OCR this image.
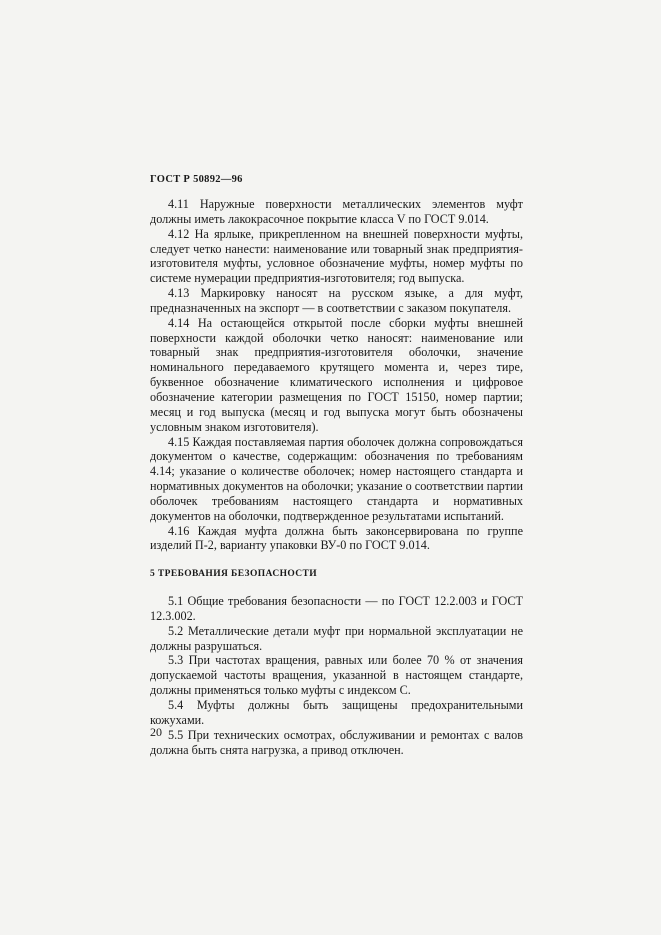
ГОСТ Р 50892—96

4.11 Наружные поверхности металлических элементов муфт должны иметь лакокрасочное покрытие класса V по ГОСТ 9.014.

4.12 На ярлыке, прикрепленном на внешней поверхности муфты, следует четко нанести: наименование или товарный знак предприятия-изготовителя муфты, условное обозначение муфты, номер муфты по системе нумерации предприятия-изготовителя; год выпуска.

4.13 Маркировку наносят на русском языке, а для муфт, предназначенных на экспорт — в соответствии с заказом покупателя.

4.14 На остающейся открытой после сборки муфты внешней поверхности каждой оболочки четко наносят: наименование или товарный знак предприятия-изготовителя оболочки, значение номинального передаваемого крутящего момента и, через тире, буквенное обозначение климатического исполнения и цифровое обозначение категории размещения по ГОСТ 15150, номер партии; месяц и год выпуска (месяц и год выпуска могут быть обозначены условным знаком изготовителя).

4.15 Каждая поставляемая партия оболочек должна сопровождаться документом о качестве, содержащим: обозначения по требованиям 4.14; указание о количестве оболочек; номер настоящего стандарта и нормативных документов на оболочки; указание о соответствии партии оболочек требованиям настоящего стандарта и нормативных документов на оболочки, подтвержденное результатами испытаний.

4.16 Каждая муфта должна быть законсервирована по группе изделий П-2, варианту упаковки ВУ-0 по ГОСТ 9.014.

5 ТРЕБОВАНИЯ БЕЗОПАСНОСТИ

5.1 Общие требования безопасности — по ГОСТ 12.2.003 и ГОСТ 12.3.002.

5.2 Металлические детали муфт при нормальной эксплуатации не должны разрушаться.

5.3 При частотах вращения, равных или более 70 % от значения допускаемой частоты вращения, указанной в настоящем стандарте, должны применяться только муфты с индексом С.

5.4 Муфты должны быть защищены предохранительными кожухами.

5.5 При технических осмотрах, обслуживании и ремонтах с валов должна быть снята нагрузка, а привод отключен.

20
